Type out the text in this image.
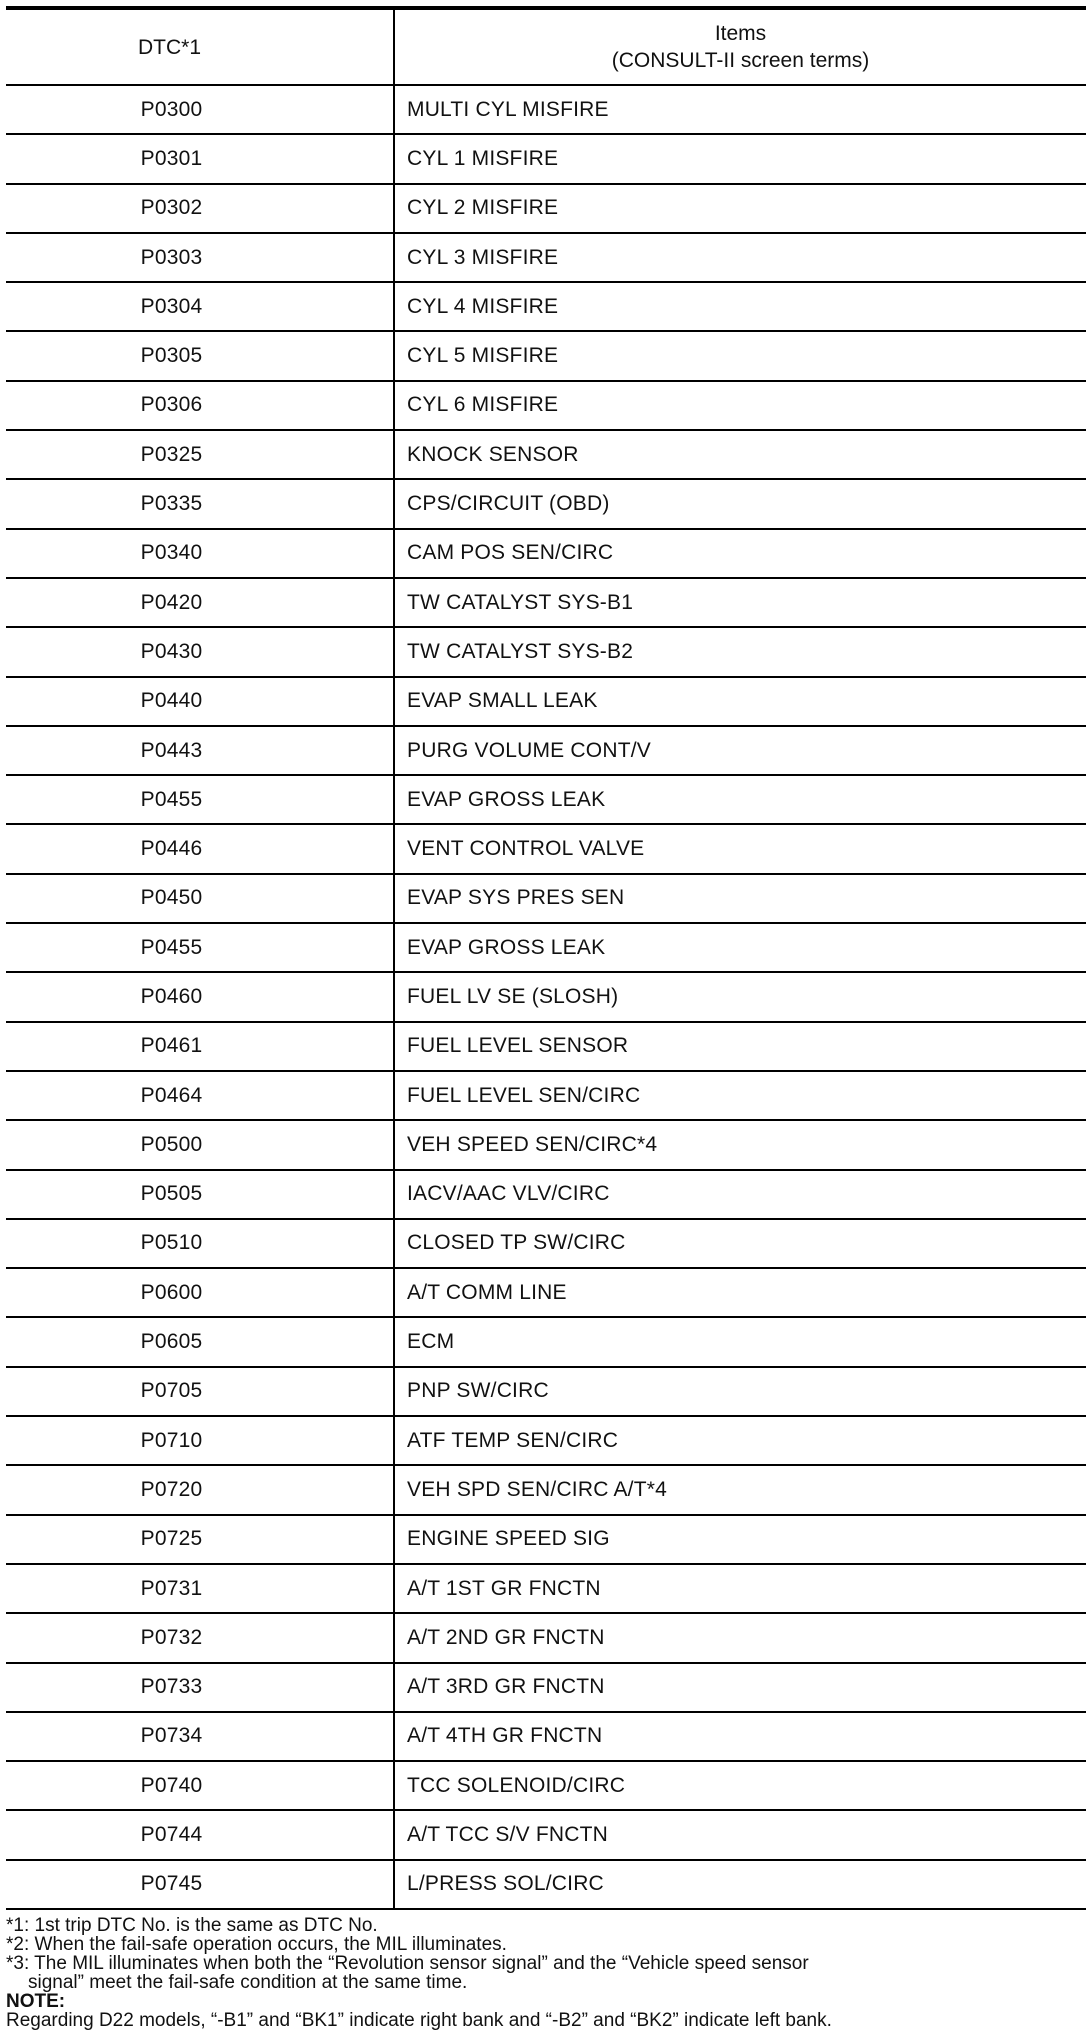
DTC*1	Items
(CONSULT-II screen terms)

P0300	MULTI CYL MISFIRE
P0301	CYL 1 MISFIRE
P0302	CYL 2 MISFIRE
P0303	CYL 3 MISFIRE
P0304	CYL 4 MISFIRE
P0305	CYL 5 MISFIRE
P0306	CYL 6 MISFIRE
P0325	KNOCK SENSOR
P0335	CPS/CIRCUIT (OBD)
P0340	CAM POS SEN/CIRC
P0420	TW CATALYST SYS-B1
P0430	TW CATALYST SYS-B2
P0440	EVAP SMALL LEAK
P0443	PURG VOLUME CONT/V
P0455	EVAP GROSS LEAK
P0446	VENT CONTROL VALVE
P0450	EVAP SYS PRES SEN
P0455	EVAP GROSS LEAK
P0460	FUEL LV SE (SLOSH)
P0461	FUEL LEVEL SENSOR
P0464	FUEL LEVEL SEN/CIRC
P0500	VEH SPEED SEN/CIRC*4
P0505	IACV/AAC VLV/CIRC
P0510	CLOSED TP SW/CIRC
P0600	A/T COMM LINE
P0605	ECM
P0705	PNP SW/CIRC
P0710	ATF TEMP SEN/CIRC
P0720	VEH SPD SEN/CIRC A/T*4
P0725	ENGINE SPEED SIG
P0731	A/T 1ST GR FNCTN
P0732	A/T 2ND GR FNCTN
P0733	A/T 3RD GR FNCTN
P0734	A/T 4TH GR FNCTN
P0740	TCC SOLENOID/CIRC
P0744	A/T TCC S/V FNCTN
P0745	L/PRESS SOL/CIRC

*1: 1st trip DTC No. is the same as DTC No.

*2: When the fail-safe operation occurs, the MIL illuminates.

*3: The MIL illuminates when both the “Revolution sensor signal” and the “Vehicle speed sensor

signal” meet the fail-safe condition at the same time.

NOTE:

Regarding D22 models, “-B1” and “BK1” indicate right bank and “-B2” and “BK2” indicate left bank.
